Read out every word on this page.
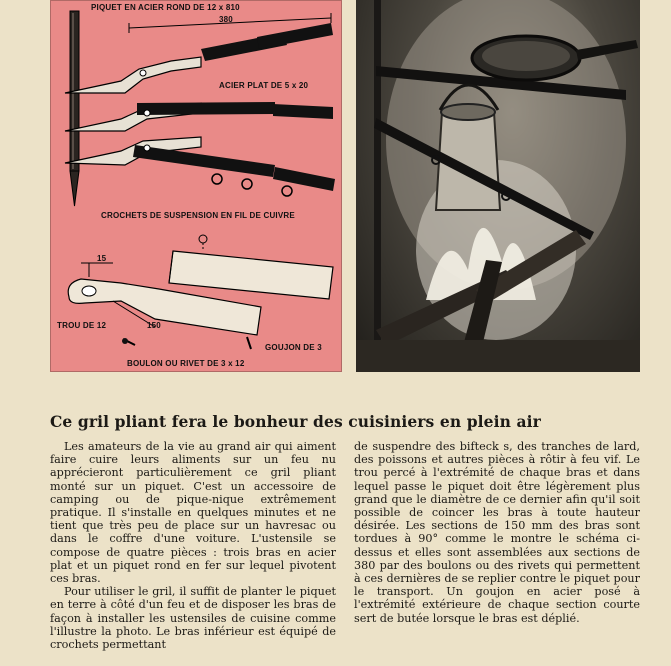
PIQUET EN ACIER ROND DE 12 x 810
380
ACIER PLAT DE 5 x 20
CROCHETS DE SUSPENSION EN FIL DE CUIVRE
15
TROU DE 12	150
GOUJON DE 3
BOULON OU RIVET DE 3 x 12
Ce gril pliant fera le bonheur des cuisiniers en plein air

Les amateurs de la vie au grand air qui aiment faire cuire leurs aliments sur un feu nu apprécieront particulièrement ce gril pliant monté sur un piquet. C'est un accessoire de camping ou de pique-nique extrêmement pratique. Il s'installe en quelques minutes et ne tient que très peu de place sur un havresac ou dans le coffre d'une voiture. L'ustensile se compose de quatre pièces : trois bras en acier plat et un piquet rond en fer sur lequel pivotent ces bras.

Pour utiliser le gril, il suffit de planter le piquet en terre à côté d'un feu et de disposer les bras de façon à installer les ustensiles de cuisine comme l'illustre la photo. Le bras inférieur est équipé de crochets permettant

de suspendre des bifteck s, des tranches de lard, des poissons et autres pièces à rôtir à feu vif. Le trou percé à l'extrémité de chaque bras et dans lequel passe le piquet doit être légèrement plus grand que le diamètre de ce dernier afin qu'il soit possible de coincer les bras à toute hauteur désirée. Les sections de 150 mm des bras sont tordues à 90° comme le montre le schéma ci-dessus et elles sont assemblées aux sections de 380 par des boulons ou des rivets qui permettent à ces dernières de se replier contre le piquet pour le transport. Un goujon en acier posé à l'extrémité extérieure de chaque section courte sert de butée lorsque le bras est déplié.
